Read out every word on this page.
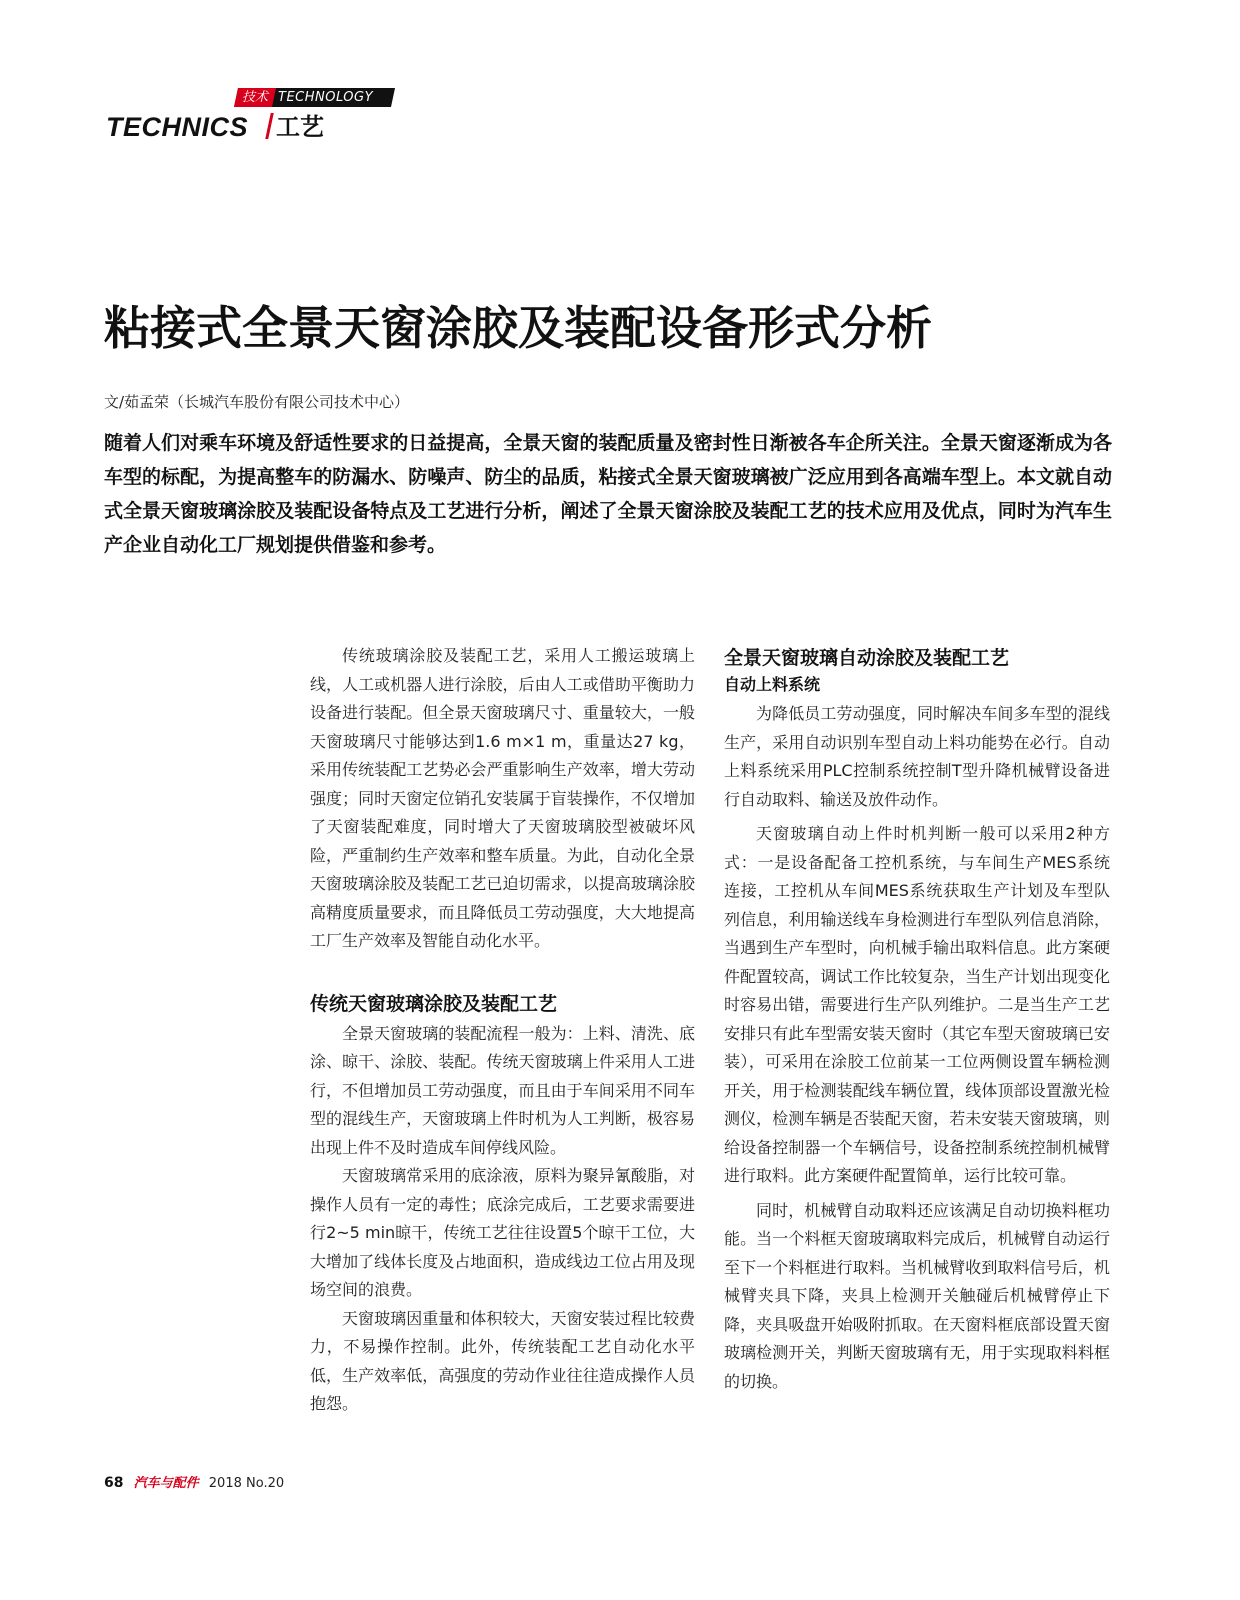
技术 TECHNOLOGY
TECHNICS 工艺
粘接式全景天窗涂胶及装配设备形式分析
文/茹孟荣（长城汽车股份有限公司技术中心）
随着人们对乘车环境及舒适性要求的日益提高，全景天窗的装配质量及密封性日渐被各车企所关注。全景天窗逐渐成为各车型的标配，为提高整车的防漏水、防噪声、防尘的品质，粘接式全景天窗玻璃被广泛应用到各高端车型上。本文就自动式全景天窗玻璃涂胶及装配设备特点及工艺进行分析，阐述了全景天窗涂胶及装配工艺的技术应用及优点，同时为汽车生产企业自动化工厂规划提供借鉴和参考。

传统玻璃涂胶及装配工艺，采用人工搬运玻璃上线，人工或机器人进行涂胶，后由人工或借助平衡助力设备进行装配。但全景天窗玻璃尺寸、重量较大，一般天窗玻璃尺寸能够达到1.6 m×1 m，重量达27 kg，采用传统装配工艺势必会严重影响生产效率，增大劳动强度；同时天窗定位销孔安装属于盲装操作，不仅增加了天窗装配难度，同时增大了天窗玻璃胶型被破坏风险，严重制约生产效率和整车质量。为此，自动化全景天窗玻璃涂胶及装配工艺已迫切需求，以提高玻璃涂胶高精度质量要求，而且降低员工劳动强度，大大地提高工厂生产效率及智能自动化水平。

传统天窗玻璃涂胶及装配工艺

全景天窗玻璃的装配流程一般为：上料、清洗、底涂、晾干、涂胶、装配。传统天窗玻璃上件采用人工进行，不但增加员工劳动强度，而且由于车间采用不同车型的混线生产，天窗玻璃上件时机为人工判断，极容易出现上件不及时造成车间停线风险。

天窗玻璃常采用的底涂液，原料为聚异氰酸脂，对操作人员有一定的毒性；底涂完成后，工艺要求需要进行2~5 min晾干，传统工艺往往设置5个晾干工位，大大增加了线体长度及占地面积，造成线边工位占用及现场空间的浪费。

天窗玻璃因重量和体积较大，天窗安装过程比较费力，不易操作控制。此外，传统装配工艺自动化水平低，生产效率低，高强度的劳动作业往往造成操作人员抱怨。

全景天窗玻璃自动涂胶及装配工艺
自动上料系统

为降低员工劳动强度，同时解决车间多车型的混线生产，采用自动识别车型自动上料功能势在必行。自动上料系统采用PLC控制系统控制T型升降机械臂设备进行自动取料、输送及放件动作。

天窗玻璃自动上件时机判断一般可以采用2种方式：一是设备配备工控机系统，与车间生产MES系统连接，工控机从车间MES系统获取生产计划及车型队列信息，利用输送线车身检测进行车型队列信息消除，当遇到生产车型时，向机械手输出取料信息。此方案硬件配置较高，调试工作比较复杂，当生产计划出现变化时容易出错，需要进行生产队列维护。二是当生产工艺安排只有此车型需安装天窗时（其它车型天窗玻璃已安装），可采用在涂胶工位前某一工位两侧设置车辆检测开关，用于检测装配线车辆位置，线体顶部设置激光检测仪，检测车辆是否装配天窗，若未安装天窗玻璃，则给设备控制器一个车辆信号，设备控制系统控制机械臂进行取料。此方案硬件配置简单，运行比较可靠。

同时，机械臂自动取料还应该满足自动切换料框功能。当一个料框天窗玻璃取料完成后，机械臂自动运行至下一个料框进行取料。当机械臂收到取料信号后，机械臂夹具下降，夹具上检测开关触碰后机械臂停止下降，夹具吸盘开始吸附抓取。在天窗料框底部设置天窗玻璃检测开关，判断天窗玻璃有无，用于实现取料料框的切换。

68 汽车与配件 2018 No.20
